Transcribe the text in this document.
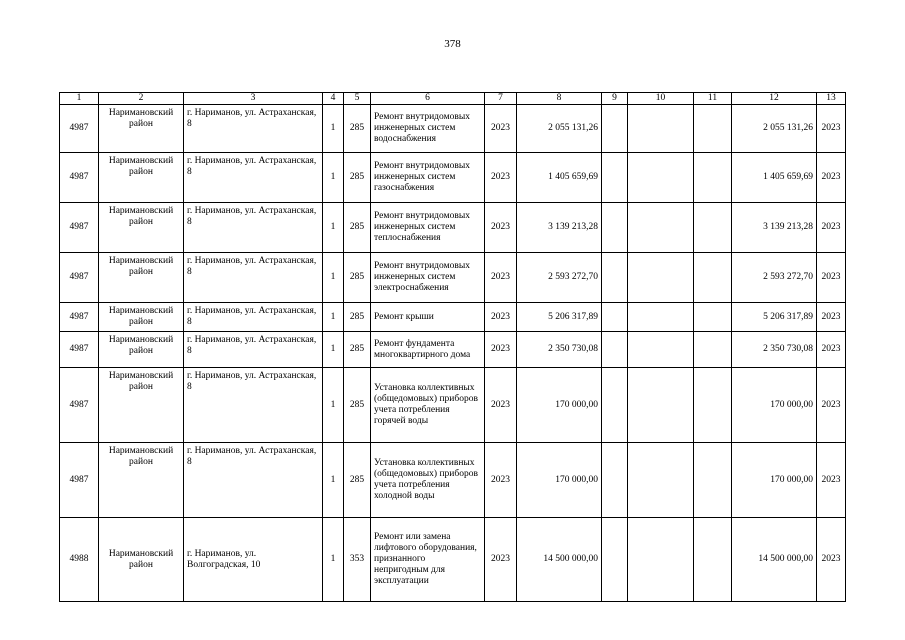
378
1	2	3	4	5	6	7	8	9	10	11	12	13
4987	Наримановский район	г. Нариманов, ул. Астраханская, 8	1	285	Ремонт внутридомовых инженерных систем водоснабжения	2023	2 055 131,26				2 055 131,26	2023
4987	Наримановский район	г. Нариманов, ул. Астраханская, 8	1	285	Ремонт внутридомовых инженерных систем газоснабжения	2023	1 405 659,69				1 405 659,69	2023
4987	Наримановский район	г. Нариманов, ул. Астраханская, 8	1	285	Ремонт внутридомовых инженерных систем теплоснабжения	2023	3 139 213,28				3 139 213,28	2023
4987	Наримановский район	г. Нариманов, ул. Астраханская, 8	1	285	Ремонт внутридомовых инженерных систем электроснабжения	2023	2 593 272,70				2 593 272,70	2023
4987	Наримановский район	г. Нариманов, ул. Астраханская, 8	1	285	Ремонт крыши	2023	5 206 317,89				5 206 317,89	2023
4987	Наримановский район	г. Нариманов, ул. Астраханская, 8	1	285	Ремонт фундамента многоквартирного дома	2023	2 350 730,08				2 350 730,08	2023
4987	Наримановский район	г. Нариманов, ул. Астраханская, 8	1	285	Установка коллективных (общедомовых) приборов учета потребления горячей воды	2023	170 000,00				170 000,00	2023
4987	Наримановский район	г. Нариманов, ул. Астраханская, 8	1	285	Установка коллективных (общедомовых) приборов учета потребления холодной воды	2023	170 000,00				170 000,00	2023
4988	Наримановский район	г. Нариманов, ул. Волгоградская, 10	1	353	Ремонт или замена лифтового оборудования, признанного непригодным для эксплуатации	2023	14 500 000,00				14 500 000,00	2023
